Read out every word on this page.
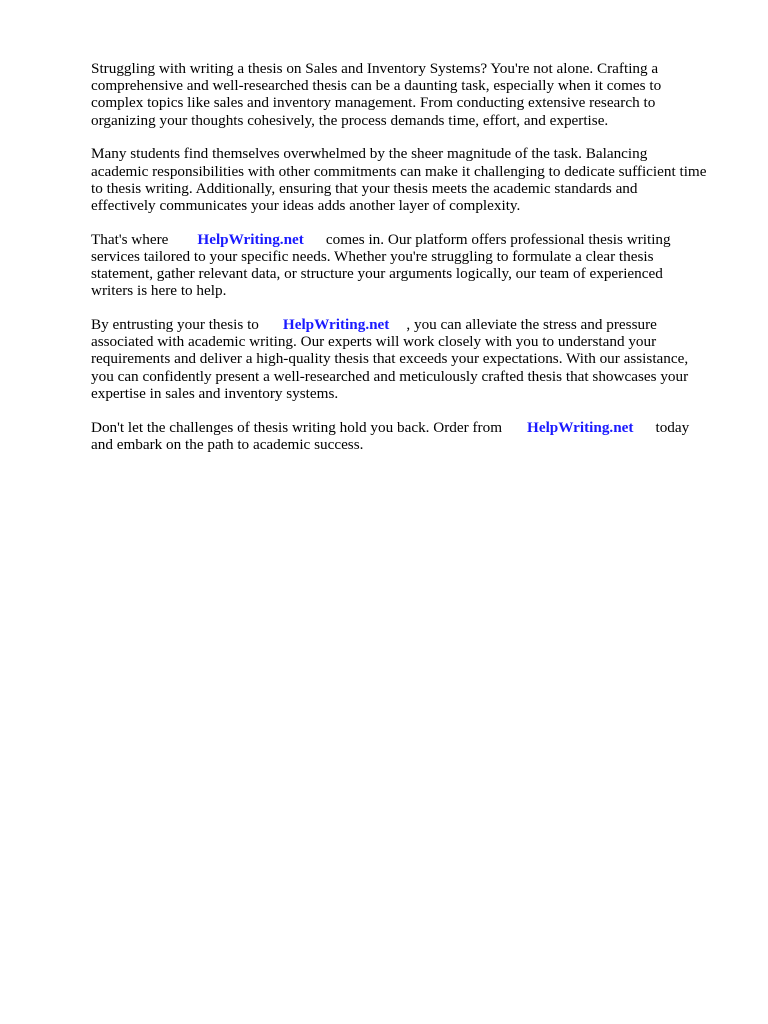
Struggling with writing a thesis on Sales and Inventory Systems? You're not alone. Crafting a
comprehensive and well-researched thesis can be a daunting task, especially when it comes to
complex topics like sales and inventory management. From conducting extensive research to
organizing your thoughts cohesively, the process demands time, effort, and expertise.

Many students find themselves overwhelmed by the sheer magnitude of the task. Balancing
academic responsibilities with other commitments can make it challenging to dedicate sufficient time
to thesis writing. Additionally, ensuring that your thesis meets the academic standards and
effectively communicates your ideas adds another layer of complexity.

That's where HelpWriting.net comes in. Our platform offers professional thesis writing
services tailored to your specific needs. Whether you're struggling to formulate a clear thesis
statement, gather relevant data, or structure your arguments logically, our team of experienced
writers is here to help.

By entrusting your thesis to HelpWriting.net , you can alleviate the stress and pressure
associated with academic writing. Our experts will work closely with you to understand your
requirements and deliver a high-quality thesis that exceeds your expectations. With our assistance,
you can confidently present a well-researched and meticulously crafted thesis that showcases your
expertise in sales and inventory systems.

Don't let the challenges of thesis writing hold you back. Order from HelpWriting.net today
and embark on the path to academic success.
